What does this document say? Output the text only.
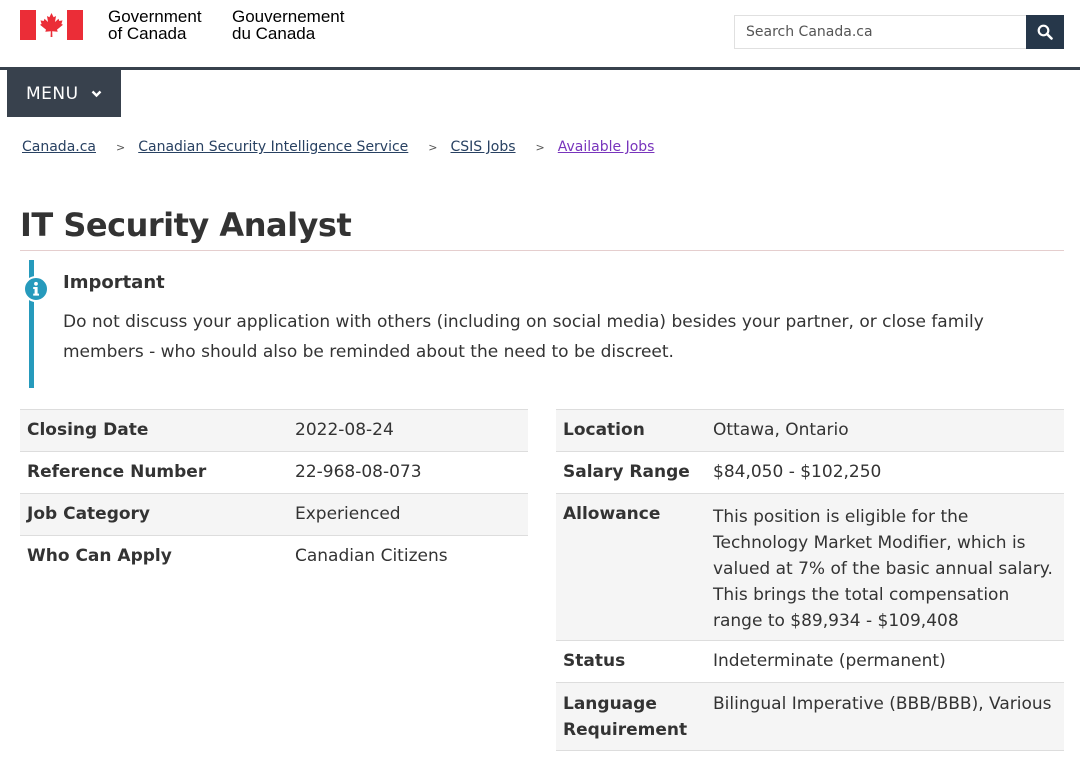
Government
of Canada
Gouvernement
du Canada
Search Canada.ca
MENU
Canada.ca > Canadian Security Intelligence Service > CSIS Jobs > Available Jobs
IT Security Analyst
Important

Do not discuss your application with others (including on social media) besides your partner, or close family members - who should also be reminded about the need to be discreet.

Closing Date	2022-08-24
Reference Number	22-968-08-073
Job Category	Experienced
Who Can Apply	Canadian Citizens
Location	Ottawa, Ontario
Salary Range	$84,050 - $102,250
Allowance	This position is eligible for the Technology Market Modifier, which is valued at 7% of the basic annual salary. This brings the total compensation range to $89,934 - $109,408
Status	Indeterminate (permanent)
Language Requirement	Bilingual Imperative (BBB/BBB), Various
